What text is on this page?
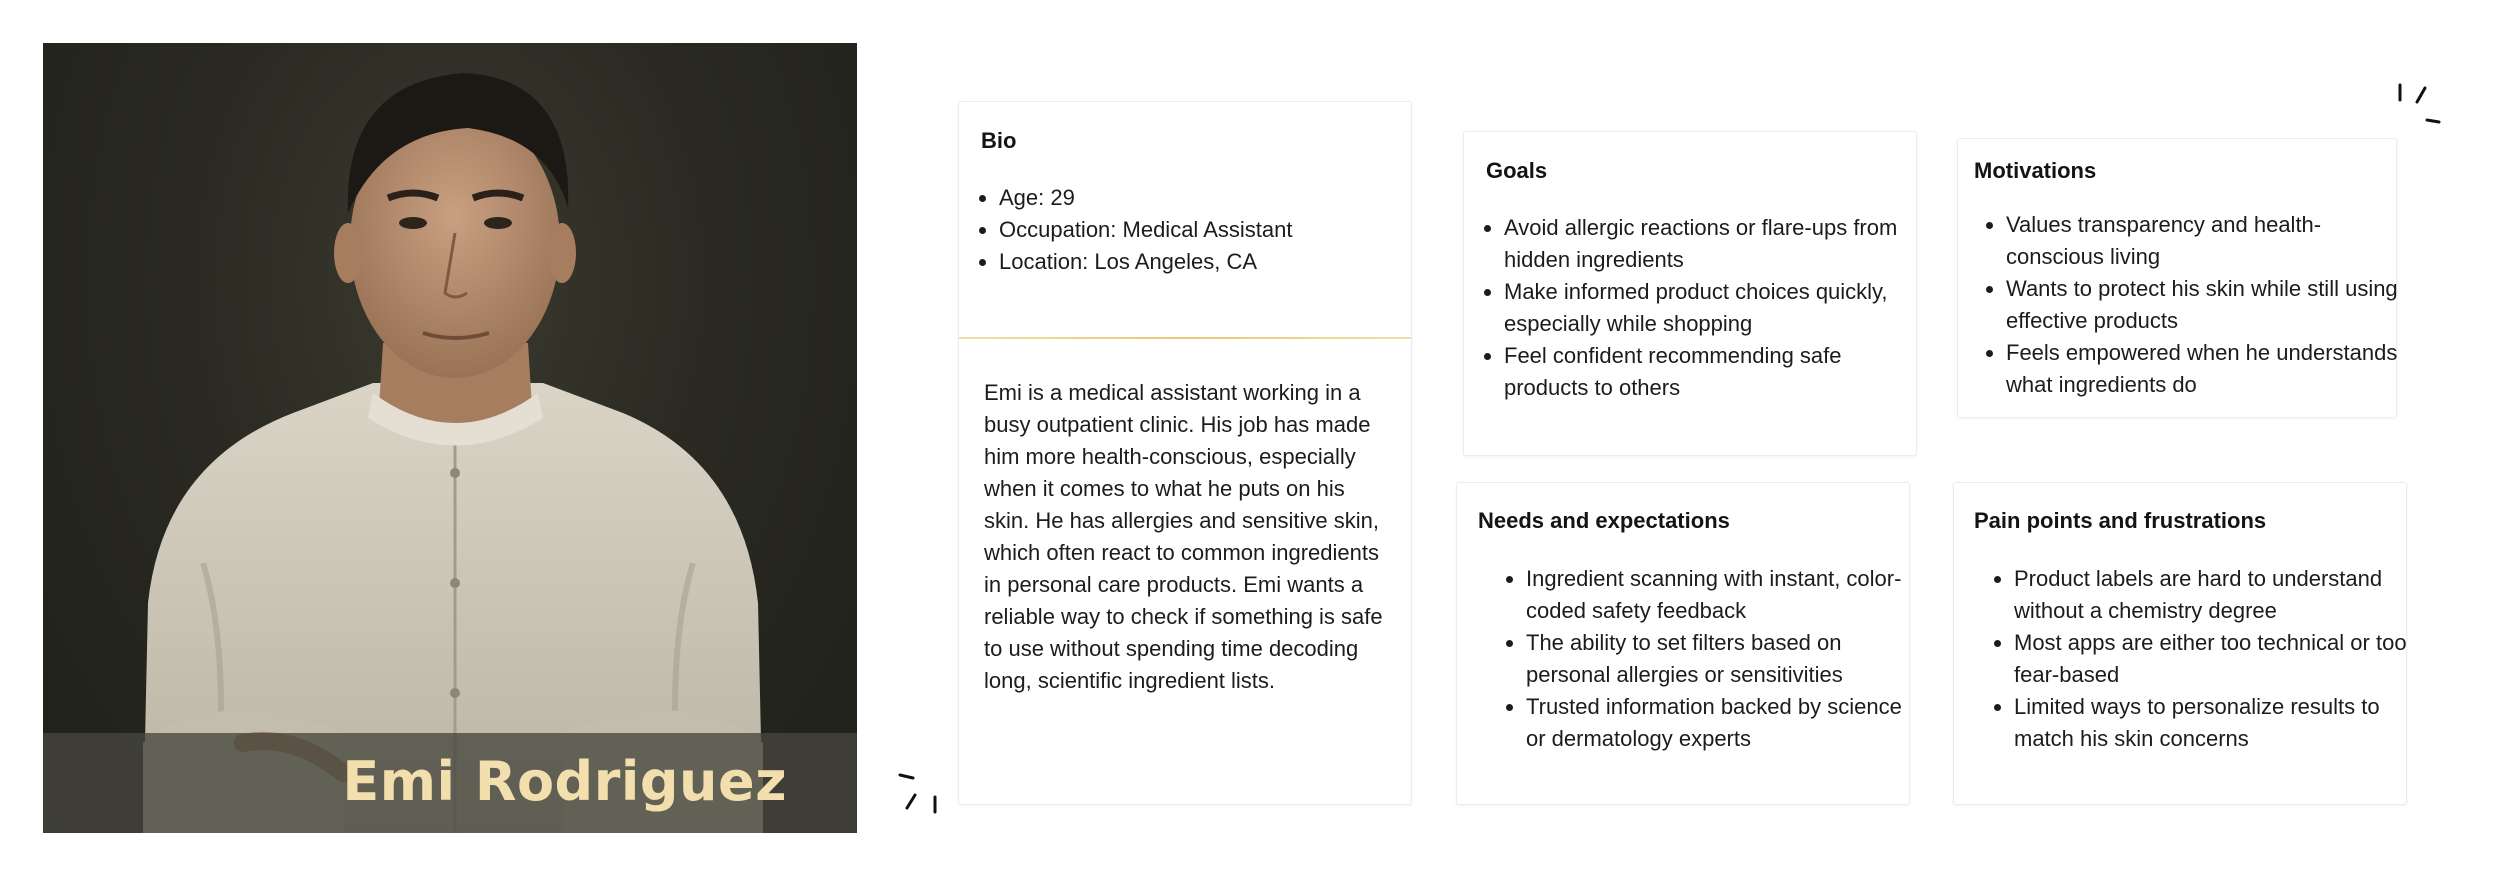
Emi Rodriguez
Bio
• Age: 29
• Occupation: Medical Assistant
• Location: Los Angeles, CA

Emi is a medical assistant working in a busy outpatient clinic. His job has made him more health-conscious, especially when it comes to what he puts on his skin. He has allergies and sensitive skin, which often react to common ingredients in personal care products. Emi wants a reliable way to check if something is safe to use without spending time decoding long, scientific ingredient lists.

Goals
• Avoid allergic reactions or flare-ups from hidden ingredients
• Make informed product choices quickly, especially while shopping
• Feel confident recommending safe products to others
Motivations
• Values transparency and health-conscious living
• Wants to protect his skin while still using effective products
• Feels empowered when he understands what ingredients do
Needs and expectations
• Ingredient scanning with instant, color-coded safety feedback
• The ability to set filters based on personal allergies or sensitivities
• Trusted information backed by science or dermatology experts
Pain points and frustrations
• Product labels are hard to understand without a chemistry degree
• Most apps are either too technical or too fear-based
• Limited ways to personalize results to match his skin concerns
